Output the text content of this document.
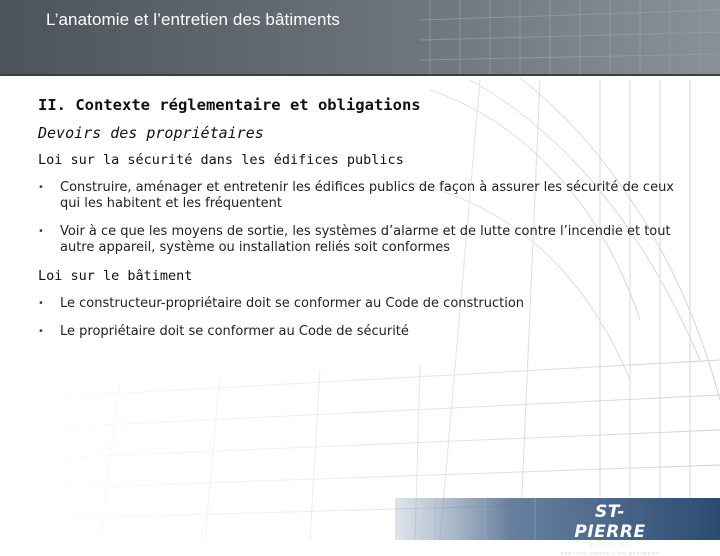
L’anatomie et l’entretien des bâtiments
II. Contexte réglementaire et obligations
Devoirs des propriétaires
Loi sur la sécurité dans les édifices publics
• Construire, aménager et entretenir les édifices publics de façon à assurer les sécurité de ceux qui les habitent et les fréquentent
• Voir à ce que les moyens de sortie, les systèmes d’alarme et de lutte contre l’incendie et tout autre appareil, système ou installation reliés soit conformes
Loi sur le bâtiment
• Le constructeur-propriétaire doit se conformer au Code de construction
• Le propriétaire doit se conformer au Code de sécurité
ST-PIERRE
& ASSOCIÉS
SERVICE-CONSEIL EN BÂTIMENT
